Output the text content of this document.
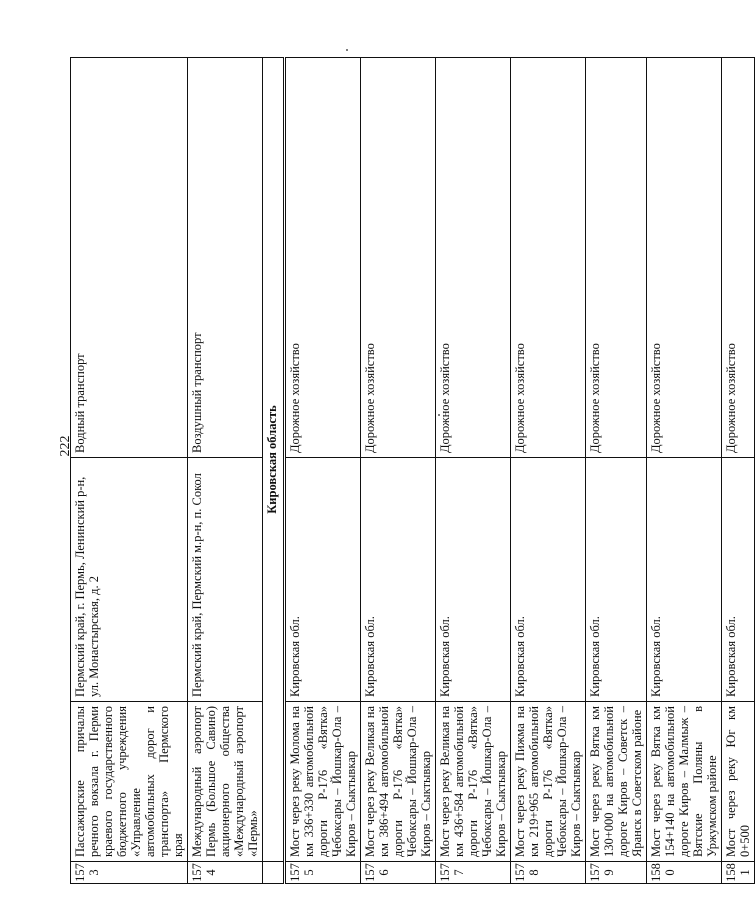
222
1573	Пассажирские причалы речного вокзала г. Перми краевого государственного бюджетного учреждения «Управление автомобильных дорог и транспорта» Пермского края	Пермский край, г. Пермь, Ленинский р-н, ул. Монастырская, д. 2	Водный транспорт
1574	Международный аэропорт Пермь (Большое Савино) акционерного общества «Международный аэропорт «Пермь»	Пермский край, Пермский м.р-н, п. Сокол	Воздушный транспорт
	Кировская область		
1575	Мост через реку Молома на км 336+330 автомобильной дороги Р-176 «Вятка» Чебоксары – Йошкар-Ола – Киров – Сыктывкар	Кировская обл.	Дорожное хозяйство
1576	Мост через реку Великая на км 386+494 автомобильной дороги Р-176 «Вятка» Чебоксары – Йошкар-Ола – Киров – Сыктывкар	Кировская обл.	Дорожное хозяйство
1577	Мост через реку Великая на км 436+584 автомобильной дороги Р-176 «Вятка» Чебоксары – Йошкар-Ола – Киров – Сыктывкар	Кировская обл.	Дорожное хозяйство
1578	Мост через реку Пижма на км 219+965 автомобильной дороги Р-176 «Вятка» Чебоксары – Йошкар-Ола – Киров – Сыктывкар	Кировская обл.	Дорожное хозяйство
1579	Мост через реку Вятка км 130+000 на автомобильной дороге Киров – Советск – Яранск в Советском районе	Кировская обл.	Дорожное хозяйство
1580	Мост через реку Вятка км 154+140 на автомобильной дороге Киров – Малмыж – Вятские Поляны в Уржумском районе	Кировская обл.	Дорожное хозяйство
1581	Мост через реку Юг км 0+500	Кировская обл.	Дорожное хозяйство
